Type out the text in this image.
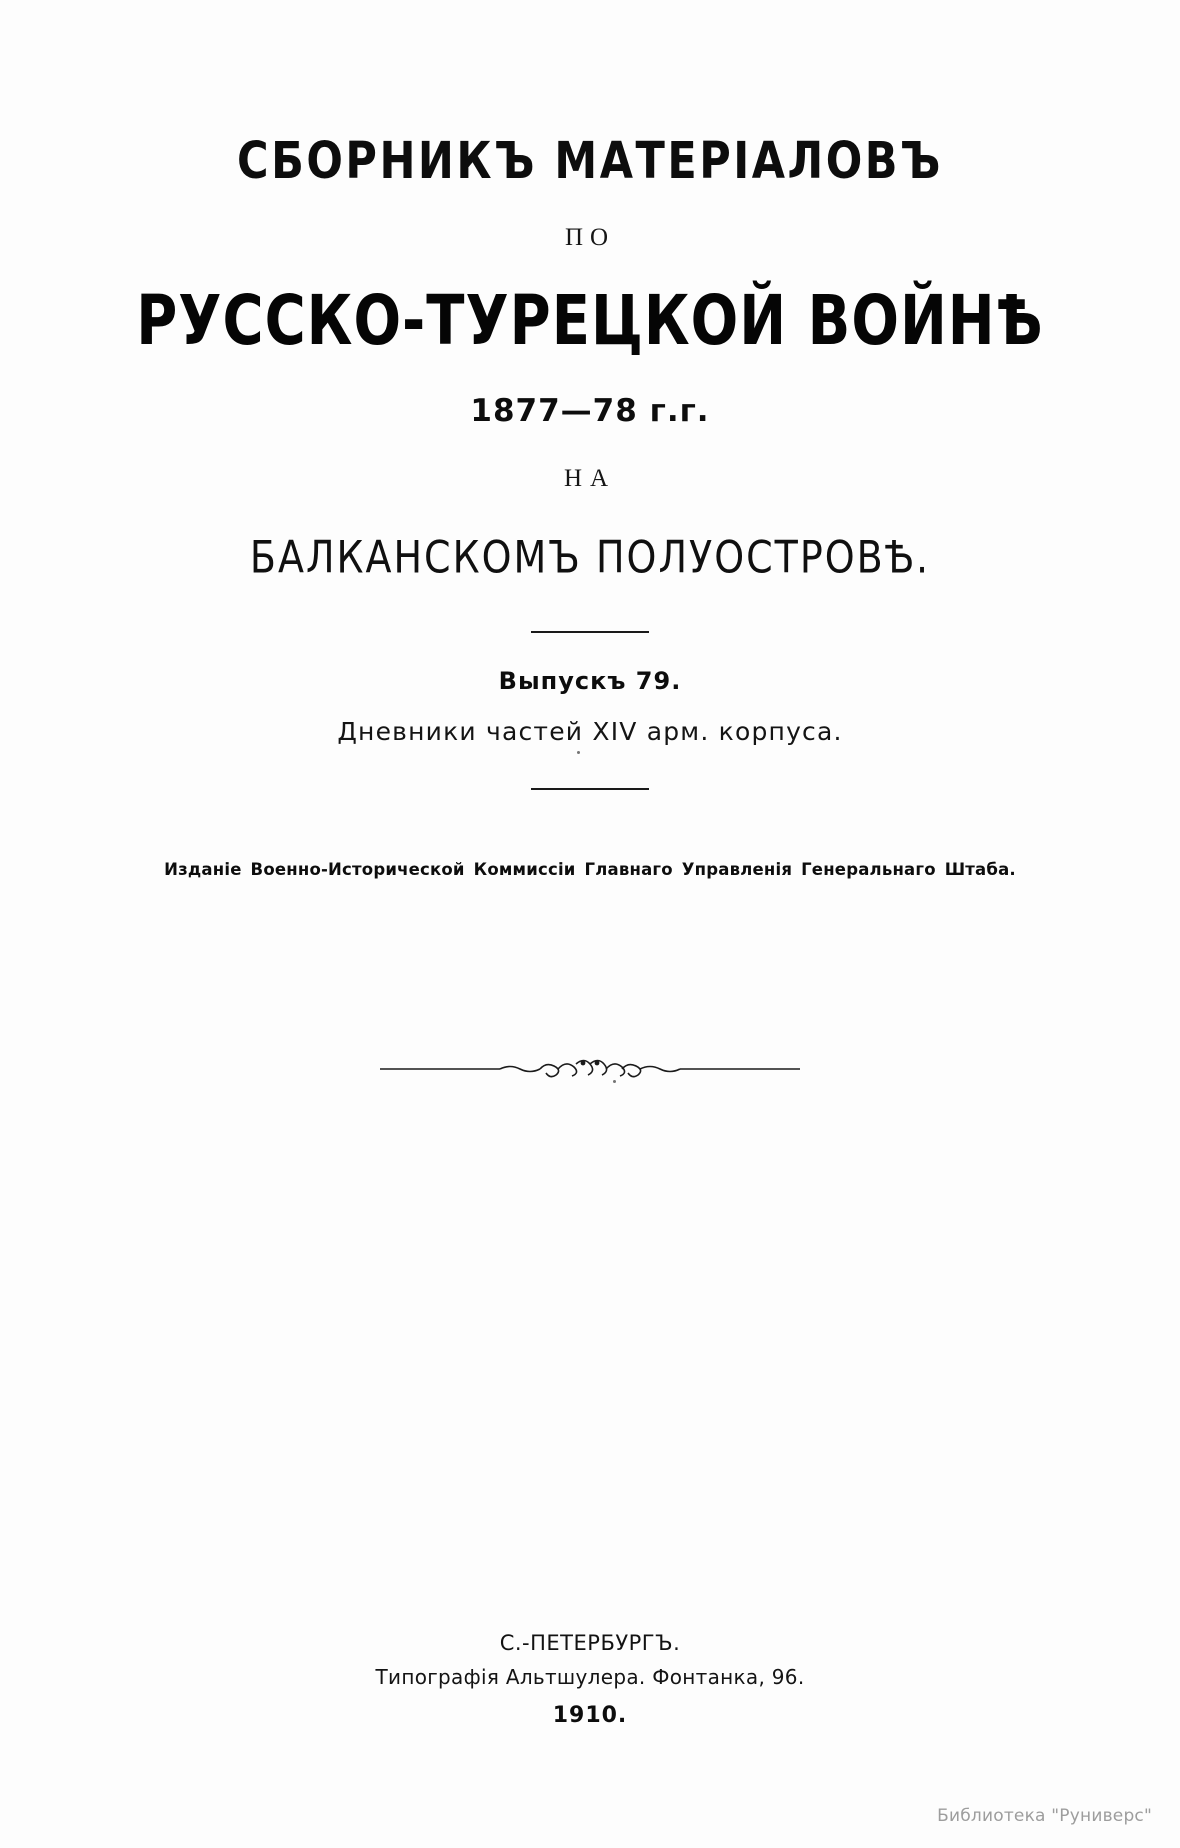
СБОРНИКЪ МАТЕРІАЛОВЪ
ПО
РУССКО-ТУРЕЦКОЙ ВОЙНѢ
1877—78 г.г.
НА
БАЛКАНСКОМЪ ПОЛУОСТРОВѢ.
Выпускъ 79.
Дневники частей XIV арм. корпуса.
Изданіе Военно-Исторической Коммиссіи Главнаго Управленія Генеральнаго Штаба.
С.-ПЕТЕРБУРГЪ.
Типографія Альтшулера. Фонтанка, 96.
1910.
Библиотека "Руниверс"
